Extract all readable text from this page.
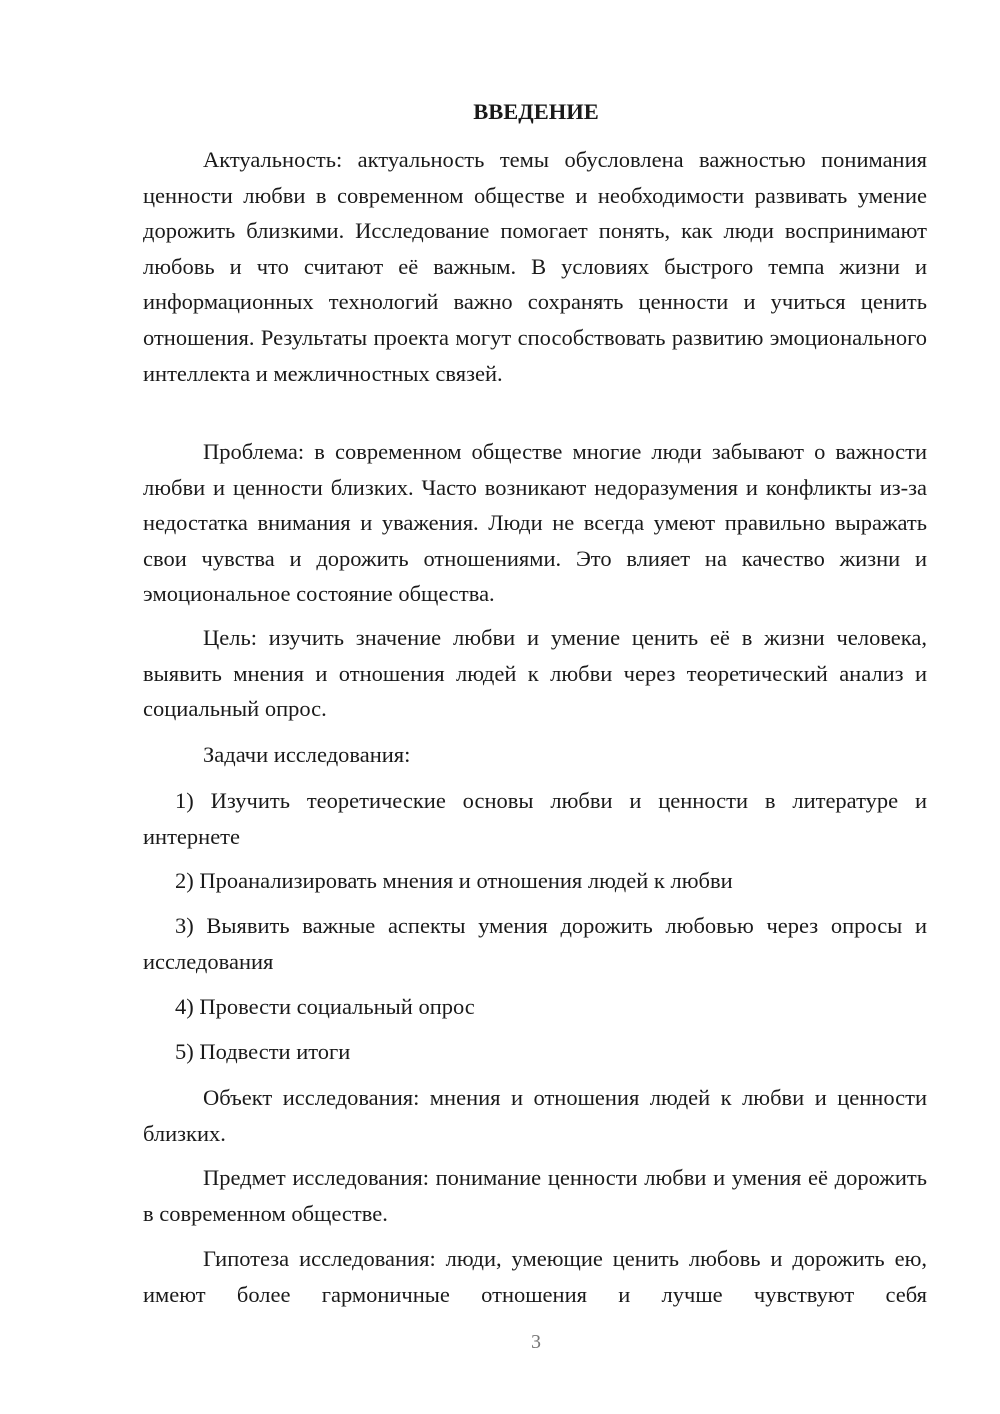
ВВЕДЕНИЕ

Актуальность: актуальность темы обусловлена важностью понимания ценности любви в современном обществе и необходимости развивать умение дорожить близкими. Исследование помогает понять, как люди воспринимают любовь и что считают её важным. В условиях быстрого темпа жизни и информационных технологий важно сохранять ценности и учиться ценить отношения. Результаты проекта могут способствовать развитию эмоционального интеллекта и межличностных связей.

Проблема: в современном обществе многие люди забывают о важности любви и ценности близких. Часто возникают недоразумения и конфликты из-за недостатка внимания и уважения. Люди не всегда умеют правильно выражать свои чувства и дорожить отношениями. Это влияет на качество жизни и эмоциональное состояние общества.

Цель: изучить значение любви и умение ценить её в жизни человека, выявить мнения и отношения людей к любви через теоретический анализ и социальный опрос.

Задачи исследования:

1) Изучить теоретические основы любви и ценности в литературе и интернете

2) Проанализировать мнения и отношения людей к любви

3) Выявить важные аспекты умения дорожить любовью через опросы и исследования

4) Провести социальный опрос

5) Подвести итоги

Объект исследования: мнения и отношения людей к любви и ценности близких.

Предмет исследования: понимание ценности любви и умения её дорожить в современном обществе.

Гипотеза исследования: люди, умеющие ценить любовь и дорожить ею, имеют более гармоничные отношения и лучше чувствуют себя

3
